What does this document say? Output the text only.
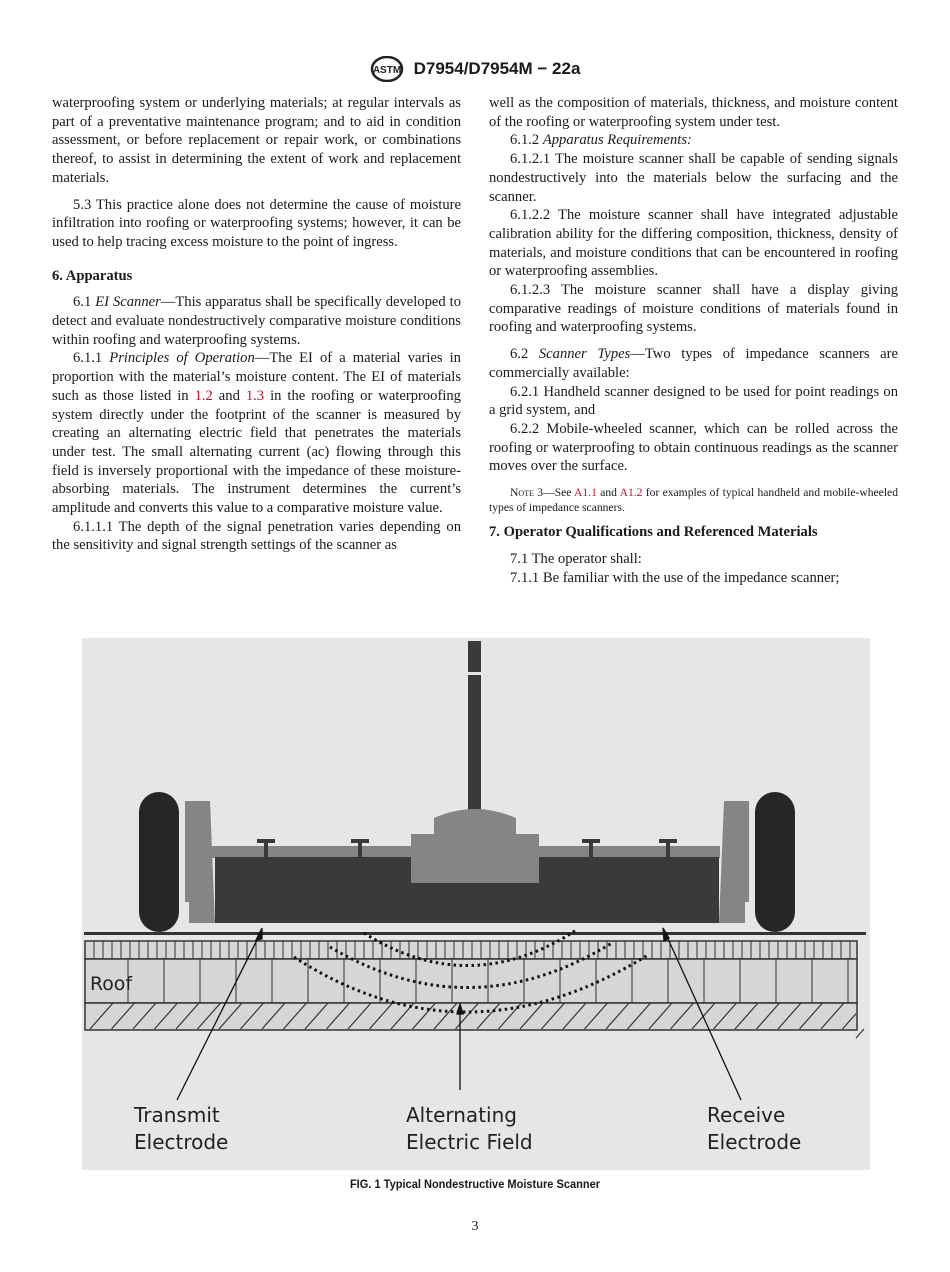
ASTM D7954/D7954M − 22a

waterproofing system or underlying materials; at regular intervals as part of a preventative maintenance program; and to aid in condition assessment, or before replacement or repair work, or combinations thereof, to assist in determining the extent of work and replacement materials.

5.3 This practice alone does not determine the cause of moisture infiltration into roofing or waterproofing systems; however, it can be used to help tracing excess moisture to the point of ingress.

6. Apparatus

6.1 EI Scanner—This apparatus shall be specifically developed to detect and evaluate nondestructively comparative moisture conditions within roofing and waterproofing systems.

6.1.1 Principles of Operation—The EI of a material varies in proportion with the material’s moisture content. The EI of materials such as those listed in 1.2 and 1.3 in the roofing or waterproofing system directly under the footprint of the scanner is measured by creating an alternating electric field that penetrates the materials under test. The small alternating current (ac) flowing through this field is inversely proportional with the impedance of these moisture-absorbing materials. The instrument determines the current’s amplitude and converts this value to a comparative moisture value.

6.1.1.1 The depth of the signal penetration varies depending on the sensitivity and signal strength settings of the scanner as

well as the composition of materials, thickness, and moisture content of the roofing or waterproofing system under test.

6.1.2 Apparatus Requirements:

6.1.2.1 The moisture scanner shall be capable of sending signals nondestructively into the materials below the surfacing and the scanner.

6.1.2.2 The moisture scanner shall have integrated adjustable calibration ability for the differing composition, thickness, density of materials, and moisture conditions that can be encountered in roofing or waterproofing assemblies.

6.1.2.3 The moisture scanner shall have a display giving comparative readings of moisture conditions of materials found in roofing and waterproofing systems.

6.2 Scanner Types—Two types of impedance scanners are commercially available:

6.2.1 Handheld scanner designed to be used for point readings on a grid system, and

6.2.2 Mobile-wheeled scanner, which can be rolled across the roofing or waterproofing to obtain continuous readings as the scanner moves over the surface.

Note 3—See A1.1 and A1.2 for examples of typical handheld and mobile-wheeled types of impedance scanners.

7. Operator Qualifications and Referenced Materials

7.1 The operator shall:

7.1.1 Be familiar with the use of the impedance scanner;

Roof
Transmit
Electrode
Alternating
Electric Field
Receive
Electrode
FIG. 1 Typical Nondestructive Moisture Scanner
3
